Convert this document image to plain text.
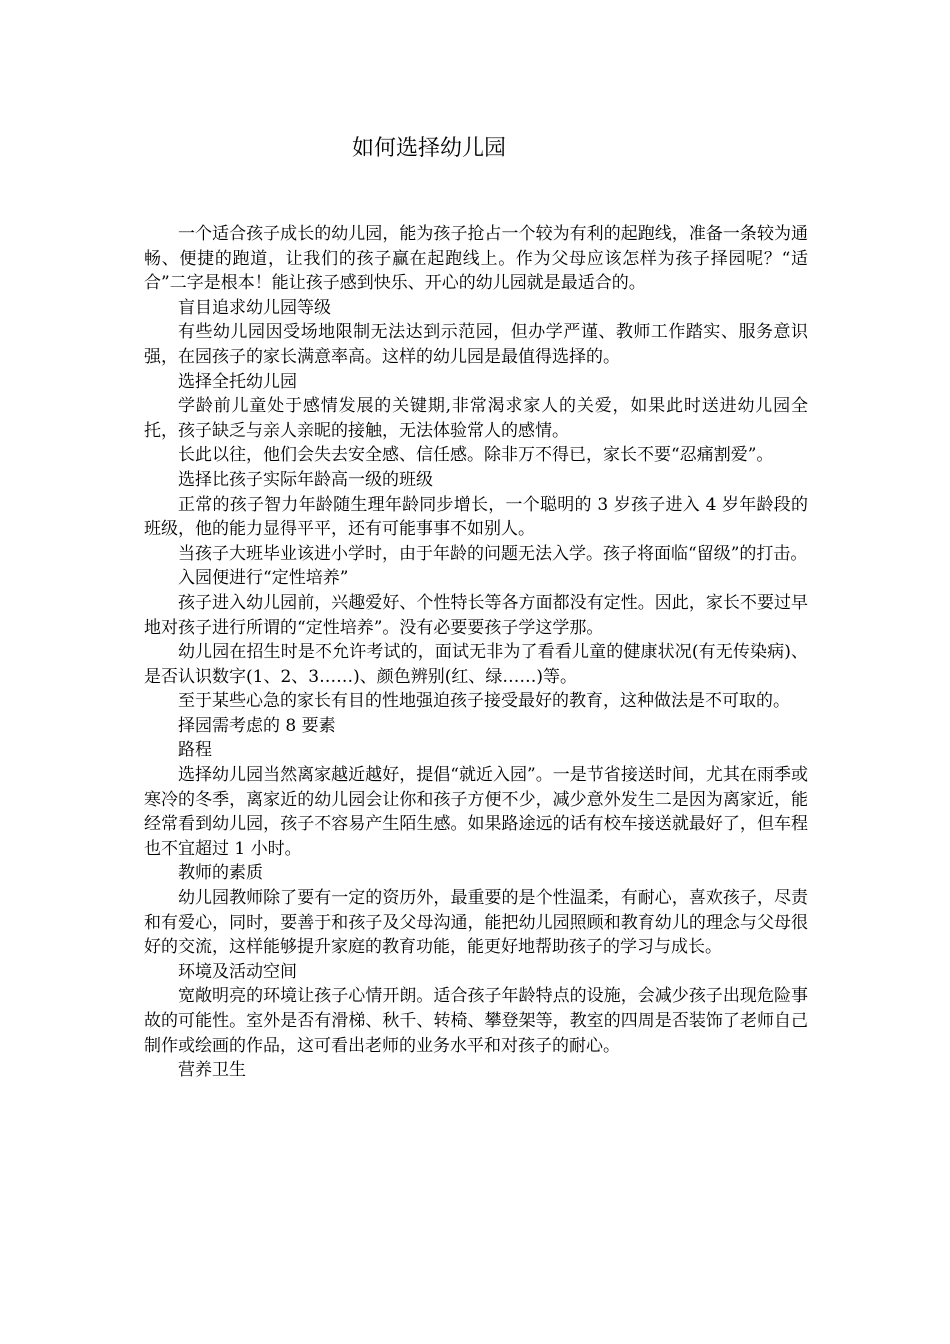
如何选择幼儿园

一个适合孩子成长的幼儿园，能为孩子抢占一个较为有利的起跑线，准备一条较为通畅、便捷的跑道，让我们的孩子赢在起跑线上。作为父母应该怎样为孩子择园呢？“适合”二字是根本！能让孩子感到快乐、开心的幼儿园就是最适合的。

盲目追求幼儿园等级

有些幼儿园因受场地限制无法达到示范园，但办学严谨、教师工作踏实、服务意识强，在园孩子的家长满意率高。这样的幼儿园是最值得选择的。

选择全托幼儿园

学龄前儿童处于感情发展的关键期,非常渴求家人的关爱，如果此时送进幼儿园全托，孩子缺乏与亲人亲昵的接触，无法体验常人的感情。

长此以往，他们会失去安全感、信任感。除非万不得已，家长不要“忍痛割爱”。

选择比孩子实际年龄高一级的班级

正常的孩子智力年龄随生理年龄同步增长，一个聪明的 3 岁孩子进入 4 岁年龄段的班级，他的能力显得平平，还有可能事事不如别人。

当孩子大班毕业该进小学时，由于年龄的问题无法入学。孩子将面临“留级”的打击。

入园便进行“定性培养”

孩子进入幼儿园前，兴趣爱好、个性特长等各方面都没有定性。因此，家长不要过早地对孩子进行所谓的“定性培养”。没有必要要孩子学这学那。

幼儿园在招生时是不允许考试的，面试无非为了看看儿童的健康状况(有无传染病)、是否认识数字(1、2、3……)、颜色辨别(红、绿……)等。

至于某些心急的家长有目的性地强迫孩子接受最好的教育，这种做法是不可取的。

择园需考虑的 8 要素

路程

选择幼儿园当然离家越近越好，提倡“就近入园”。一是节省接送时间，尤其在雨季或寒冷的冬季，离家近的幼儿园会让你和孩子方便不少，减少意外发生二是因为离家近，能经常看到幼儿园，孩子不容易产生陌生感。如果路途远的话有校车接送就最好了，但车程也不宜超过 1 小时。

教师的素质

幼儿园教师除了要有一定的资历外，最重要的是个性温柔，有耐心，喜欢孩子，尽责和有爱心，同时，要善于和孩子及父母沟通，能把幼儿园照顾和教育幼儿的理念与父母很好的交流，这样能够提升家庭的教育功能，能更好地帮助孩子的学习与成长。

环境及活动空间

宽敞明亮的环境让孩子心情开朗。适合孩子年龄特点的设施，会减少孩子出现危险事故的可能性。室外是否有滑梯、秋千、转椅、攀登架等，教室的四周是否装饰了老师自己制作或绘画的作品，这可看出老师的业务水平和对孩子的耐心。

营养卫生
